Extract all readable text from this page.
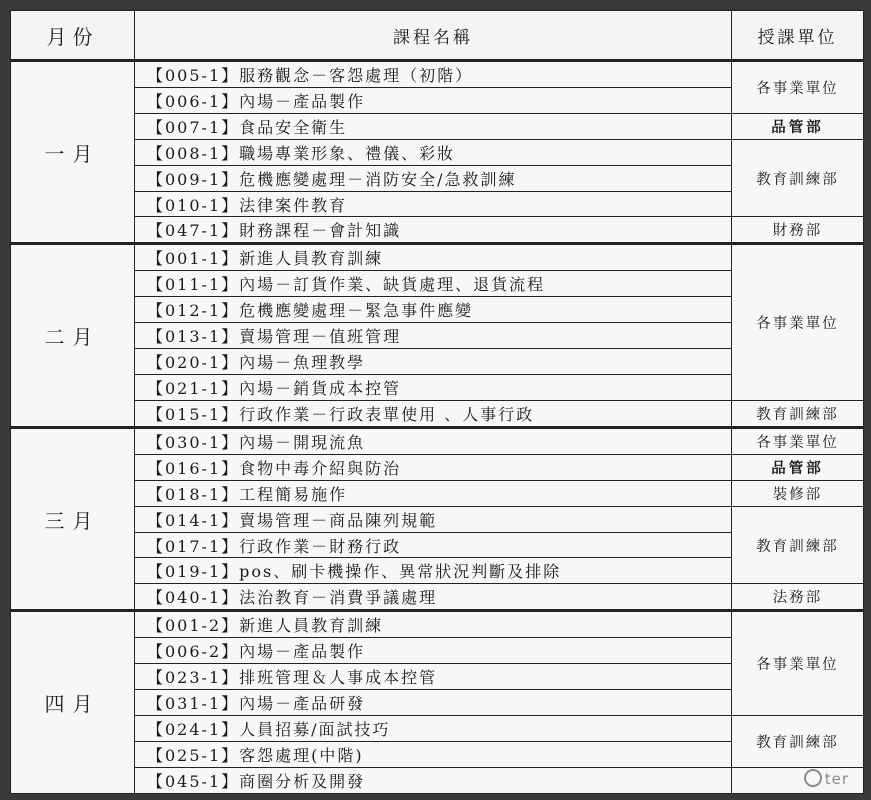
月份	課程名稱	授課單位
一月	【005-1】服務觀念－客怨處理（初階）	各事業單位
	【006-1】內場－產品製作	
	【007-1】食品安全衛生	品管部
	【008-1】職場專業形象、禮儀、彩妝	教育訓練部
	【009-1】危機應變處理－消防安全/急救訓練	
	【010-1】法律案件教育	
	【047-1】財務課程－會計知識	財務部
二月	【001-1】新進人員教育訓練	各事業單位
	【011-1】內場－訂貨作業、缺貨處理、退貨流程	
	【012-1】危機應變處理－緊急事件應變	
	【013-1】賣場管理－值班管理	
	【020-1】內場－魚理教學	
	【021-1】內場－銷貨成本控管	
	【015-1】行政作業－行政表單使用 、人事行政	教育訓練部
三月	【030-1】內場－開現流魚	各事業單位
	【016-1】食物中毒介紹與防治	品管部
	【018-1】工程簡易施作	裝修部
	【014-1】賣場管理－商品陳列規範	教育訓練部
	【017-1】行政作業－財務行政	
	【019-1】pos、刷卡機操作、異常狀況判斷及排除	
	【040-1】法治教育－消費爭議處理	法務部
四月	【001-2】新進人員教育訓練	各事業單位
	【006-2】內場－產品製作	
	【023-1】排班管理＆人事成本控管	
	【031-1】內場－產品研發	
	【024-1】人員招募/面試技巧	教育訓練部
	【025-1】客怨處理(中階)	
	【045-1】商圈分析及開發		ter
